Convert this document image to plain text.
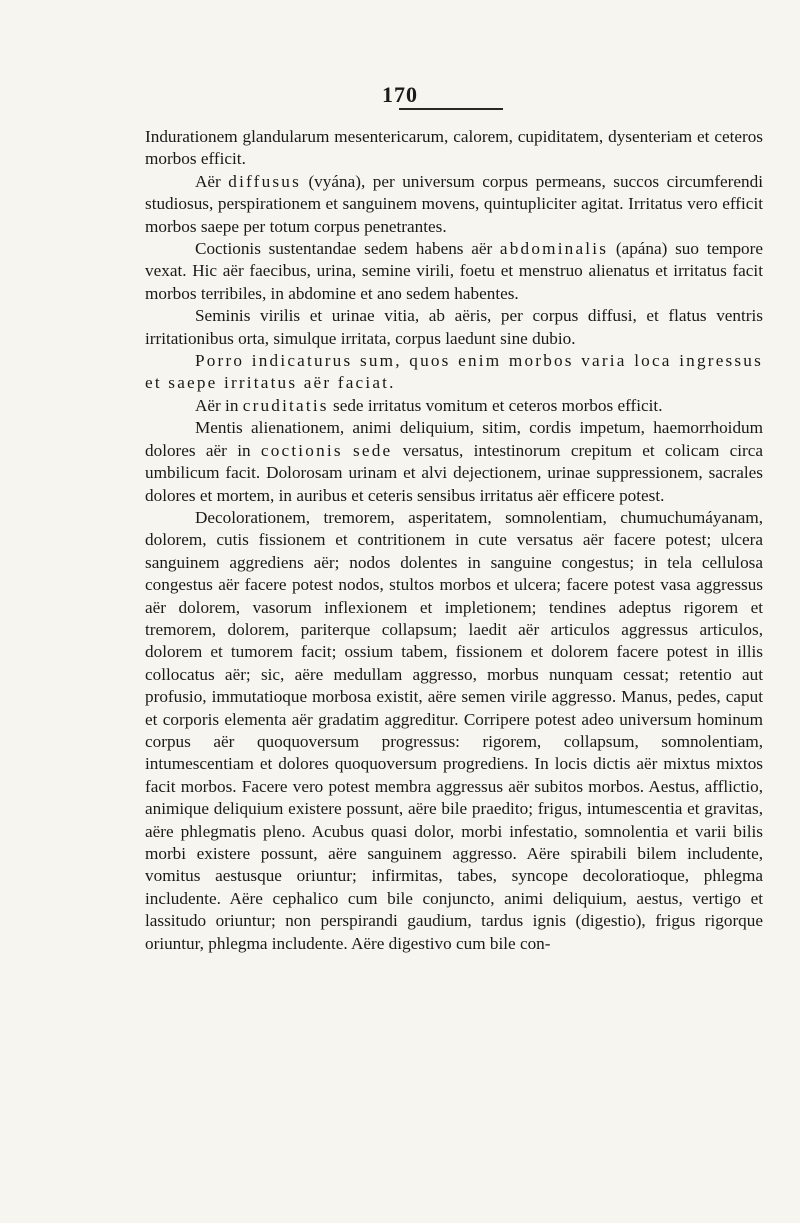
170

Indurationem glandularum mesentericarum, calorem, cupiditatem, dysenteriam et ceteros morbos efficit.

Aër diffusus (vyána), per universum corpus permeans, succos circumferendi studiosus, perspirationem et sanguinem movens, quintupliciter agitat. Irritatus vero efficit morbos saepe per totum corpus penetrantes.

Coctionis sustentandae sedem habens aër abdominalis (apána) suo tempore vexat. Hic aër faecibus, urina, semine virili, foetu et menstruo alienatus et irritatus facit morbos terribiles, in abdomine et ano sedem habentes.

Seminis virilis et urinae vitia, ab aëris, per corpus diffusi, et flatus ventris irritationibus orta, simulque irritata, corpus laedunt sine dubio.

Porro indicaturus sum, quos enim morbos varia loca ingressus et saepe irritatus aër faciat.

Aër in cruditatis sede irritatus vomitum et ceteros morbos efficit.

Mentis alienationem, animi deliquium, sitim, cordis impetum, haemorrhoidum dolores aër in coctionis sede versatus, intestinorum crepitum et colicam circa umbilicum facit. Dolorosam urinam et alvi dejectionem, urinae suppressionem, sacrales dolores et mortem, in auribus et ceteris sensibus irritatus aër efficere potest.

Decolorationem, tremorem, asperitatem, somnolentiam, chumuchumáyanam, dolorem, cutis fissionem et contritionem in cute versatus aër facere potest; ulcera sanguinem aggrediens aër; nodos dolentes in sanguine congestus; in tela cellulosa congestus aër facere potest nodos, stultos morbos et ulcera; facere potest vasa aggressus aër dolorem, vasorum inflexionem et impletionem; tendines adeptus rigorem et tremorem, dolorem, pariterque collapsum; laedit aër articulos aggressus articulos, dolorem et tumorem facit; ossium tabem, fissionem et dolorem facere potest in illis collocatus aër; sic, aëre medullam aggresso, morbus nunquam cessat; retentio aut profusio, immutatioque morbosa existit, aëre semen virile aggresso. Manus, pedes, caput et corporis elementa aër gradatim aggreditur. Corripere potest adeo universum hominum corpus aër quoquoversum progressus: rigorem, collapsum, somnolentiam, intumescentiam et dolores quoquoversum progrediens. In locis dictis aër mixtus mixtos facit morbos. Facere vero potest membra aggressus aër subitos morbos. Aestus, afflictio, animique deliquium existere possunt, aëre bile praedito; frigus, intumescentia et gravitas, aëre phlegmatis pleno. Acubus quasi dolor, morbi infestatio, somnolentia et varii bilis morbi existere possunt, aëre sanguinem aggresso. Aëre spirabili bilem includente, vomitus aestusque oriuntur; infirmitas, tabes, syncope decoloratioque, phlegma includente. Aëre cephalico cum bile conjuncto, animi deliquium, aestus, vertigo et lassitudo oriuntur; non perspirandi gaudium, tardus ignis (digestio), frigus rigorque oriuntur, phlegma includente. Aëre digestivo cum bile con-
